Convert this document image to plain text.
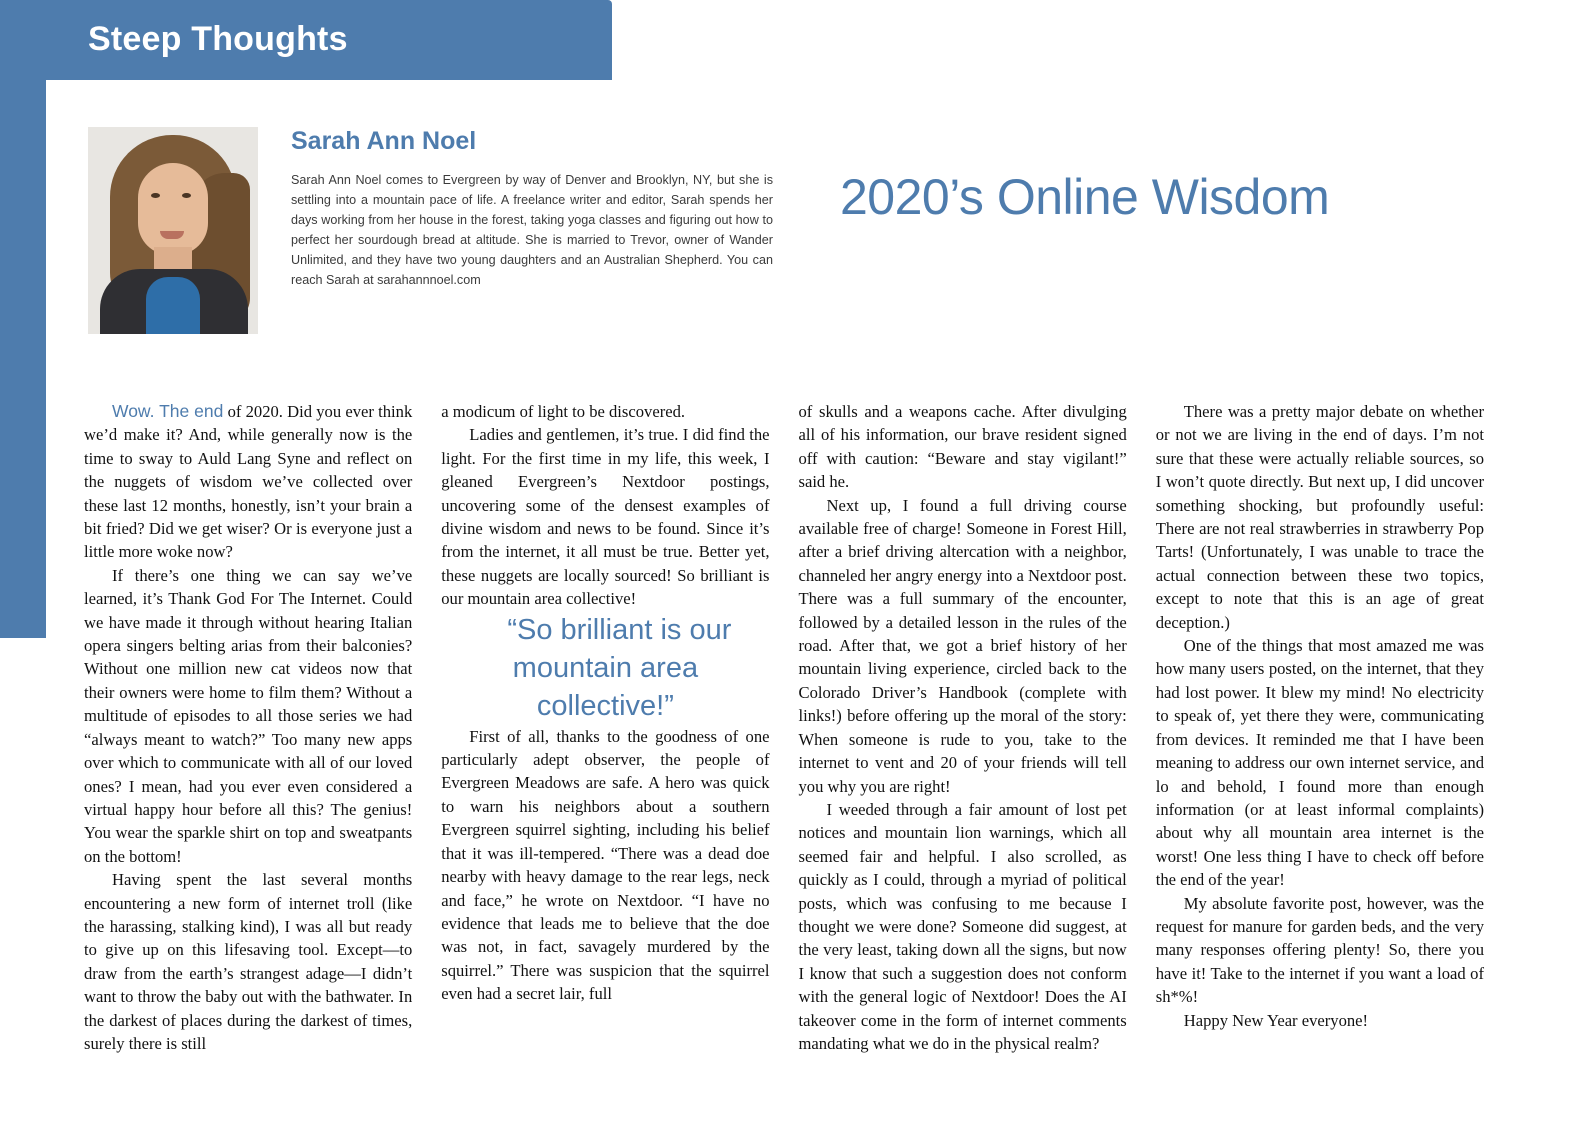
Steep Thoughts
Sarah Ann Noel
Sarah Ann Noel comes to Evergreen by way of Denver and Brooklyn, NY, but she is settling into a mountain pace of life. A freelance writer and editor, Sarah spends her days working from her house in the forest, taking yoga classes and figuring out how to perfect her sourdough bread at altitude. She is married to Trevor, owner of Wander Unlimited, and they have two young daughters and an Australian Shepherd. You can reach Sarah at sarahannnoel.com
2020’s Online Wisdom

Wow. The end of 2020. Did you ever think we’d make it? And, while generally now is the time to sway to Auld Lang Syne and reflect on the nuggets of wisdom we’ve collected over these last 12 months, honestly, isn’t your brain a bit fried? Did we get wiser? Or is everyone just a little more woke now?

If there’s one thing we can say we’ve learned, it’s Thank God For The Internet. Could we have made it through without hearing Italian opera singers belting arias from their balconies? Without one million new cat videos now that their owners were home to film them? Without a multitude of episodes to all those series we had “always meant to watch?” Too many new apps over which to communicate with all of our loved ones? I mean, had you ever even considered a virtual happy hour before all this? The genius! You wear the sparkle shirt on top and sweatpants on the bottom!

Having spent the last several months encountering a new form of internet troll (like the harassing, stalking kind), I was all but ready to give up on this lifesaving tool. Except—to draw from the earth’s strangest adage—I didn’t want to throw the baby out with the bathwater. In the darkest of places during the darkest of times, surely there is still

a modicum of light to be discovered.

Ladies and gentlemen, it’s true. I did find the light. For the first time in my life, this week, I gleaned Evergreen’s Nextdoor postings, uncovering some of the densest examples of divine wisdom and news to be found. Since it’s from the internet, it all must be true. Better yet, these nuggets are locally sourced! So brilliant is our mountain area collective!

“So brilliant is our mountain area collective!”

First of all, thanks to the goodness of one particularly adept observer, the people of Evergreen Meadows are safe. A hero was quick to warn his neighbors about a southern Evergreen squirrel sighting, including his belief that it was ill-tempered. “There was a dead doe nearby with heavy damage to the rear legs, neck and face,” he wrote on Nextdoor. “I have no evidence that leads me to believe that the doe was not, in fact, savagely murdered by the squirrel.” There was suspicion that the squirrel even had a secret lair, full

of skulls and a weapons cache. After divulging all of his information, our brave resident signed off with caution: “Beware and stay vigilant!” said he.

Next up, I found a full driving course available free of charge! Someone in Forest Hill, after a brief driving altercation with a neighbor, channeled her angry energy into a Nextdoor post. There was a full summary of the encounter, followed by a detailed lesson in the rules of the road. After that, we got a brief history of her mountain living experience, circled back to the Colorado Driver’s Handbook (complete with links!) before offering up the moral of the story: When someone is rude to you, take to the internet to vent and 20 of your friends will tell you why you are right!

I weeded through a fair amount of lost pet notices and mountain lion warnings, which all seemed fair and helpful. I also scrolled, as quickly as I could, through a myriad of political posts, which was confusing to me because I thought we were done? Someone did suggest, at the very least, taking down all the signs, but now I know that such a suggestion does not conform with the general logic of Nextdoor! Does the AI takeover come in the form of internet comments mandating what we do in the physical realm?

There was a pretty major debate on whether or not we are living in the end of days. I’m not sure that these were actually reliable sources, so I won’t quote directly. But next up, I did uncover something shocking, but profoundly useful: There are not real strawberries in strawberry Pop Tarts! (Unfortunately, I was unable to trace the actual connection between these two topics, except to note that this is an age of great deception.)

One of the things that most amazed me was how many users posted, on the internet, that they had lost power. It blew my mind! No electricity to speak of, yet there they were, communicating from devices. It reminded me that I have been meaning to address our own internet service, and lo and behold, I found more than enough information (or at least informal complaints) about why all mountain area internet is the worst! One less thing I have to check off before the end of the year!

My absolute favorite post, however, was the request for manure for garden beds, and the very many responses offering plenty! So, there you have it! Take to the internet if you want a load of sh*%!

Happy New Year everyone!
